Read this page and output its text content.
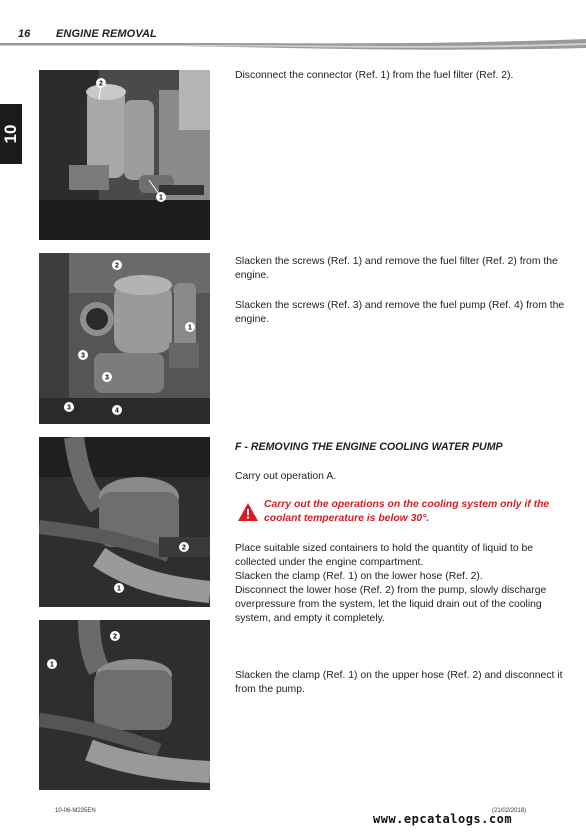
16 ENGINE REMOVAL
10
2
1
2
1
3
3
3	4
2
1
2
1
Disconnect the connector (Ref. 1) from the fuel filter (Ref. 2).
Slacken the screws (Ref. 1) and remove the fuel filter (Ref. 2) from the engine.
Slacken the screws (Ref. 3) and remove the fuel pump (Ref. 4) from the engine.
F - REMOVING THE ENGINE COOLING WATER PUMP
Carry out operation A.
Carry out the operations on the cooling system only if the coolant temperature is below 30°.
Place suitable sized containers to hold the quantity of liquid to be collected under the engine compartment.
Slacken the clamp (Ref. 1) on the lower hose (Ref. 2).
Disconnect the lower hose (Ref. 2) from the pump, slowly discharge overpressure from the system, let the liquid drain out of the cooling system, and empty it completely.
Slacken the clamp (Ref. 1) on the upper hose (Ref. 2) and disconnect it from the pump.
10-06-M235EN	(21/02/2018)
www.epcatalogs.com
